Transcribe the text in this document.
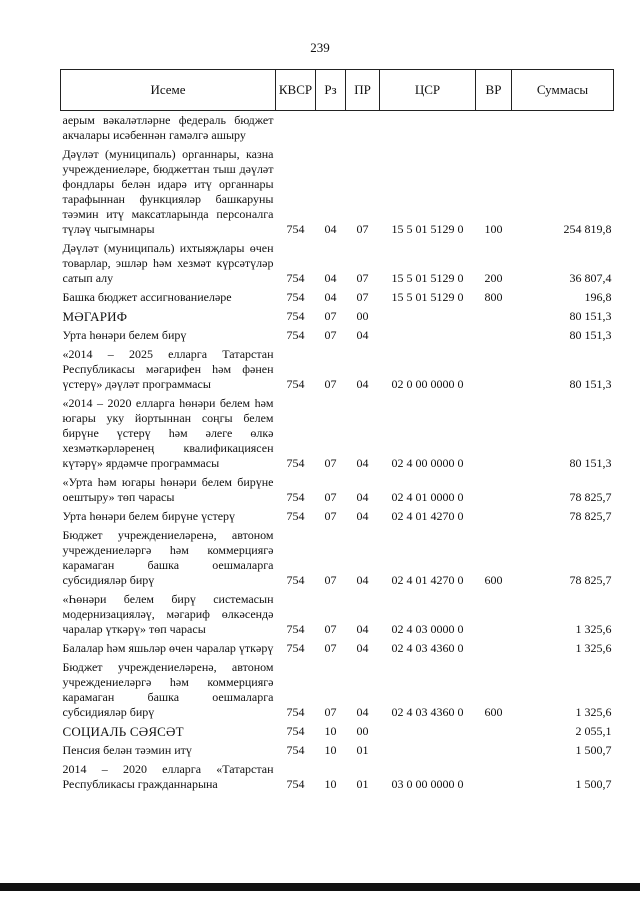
239
Исеме	КВСР	Рз	ПР	ЦСР	ВР	Суммасы
аерым вәкаләтләрне федераль бюджет акчалары исәбеннән гамәлгә ашыру						
Дәүләт (муниципаль) органнары, казна учреждениеләре, бюджеттан тыш дәүләт фондлары белән идарә итү органнары тарафыннан функцияләр башкаруны тәэмин итү максатларында персоналга түләү чыгымнары	754	04	07	15 5 01 5129 0	100	254 819,8
Дәүләт (муниципаль) ихтыяҗлары өчен товарлар, эшләр һәм хезмәт күрсәтүләр сатып алу	754	04	07	15 5 01 5129 0	200	36 807,4
Башка бюджет ассигнованиеләре	754	04	07	15 5 01 5129 0	800	196,8
МӘГАРИФ	754	07	00			80 151,3
Урта һөнәри белем бирү	754	07	04			80 151,3
«2014 – 2025 елларга Татарстан Республикасы мәгарифен һәм фәнен үстерү» дәүләт программасы	754	07	04	02 0 00 0000 0		80 151,3
«2014 – 2020 елларга һөнәри белем һәм югары уку йортыннан соңгы белем бирүне үстерү һәм әлеге өлкә хезмәткәрләренең квалификациясен күтәрү» ярдәмче программасы	754	07	04	02 4 00 0000 0		80 151,3
«Урта һәм югары һөнәри белем бирүне оештыру» төп чарасы	754	07	04	02 4 01 0000 0		78 825,7
Урта һөнәри белем бирүне үстерү	754	07	04	02 4 01 4270 0		78 825,7
Бюджет учреждениеләренә, автоном учреждениеләргә һәм коммерциягә карамаган башка оешмаларга субсидияләр бирү	754	07	04	02 4 01 4270 0	600	78 825,7
«Һөнәри белем бирү системасын модернизацияләү, мәгариф өлкәсендә чаралар үткәрү» төп чарасы	754	07	04	02 4 03 0000 0		1 325,6
Балалар һәм яшьләр өчен чаралар үткәрү	754	07	04	02 4 03 4360 0		1 325,6
Бюджет учреждениеләренә, автоном учреждениеләргә һәм коммерциягә карамаган башка оешмаларга субсидияләр бирү	754	07	04	02 4 03 4360 0	600	1 325,6
СОЦИАЛЬ СӘЯСӘТ	754	10	00			2 055,1
Пенсия белән тәэмин итү	754	10	01			1 500,7
2014 – 2020 елларга «Татарстан Республикасы гражданнарына	754	10	01	03 0 00 0000 0		1 500,7
